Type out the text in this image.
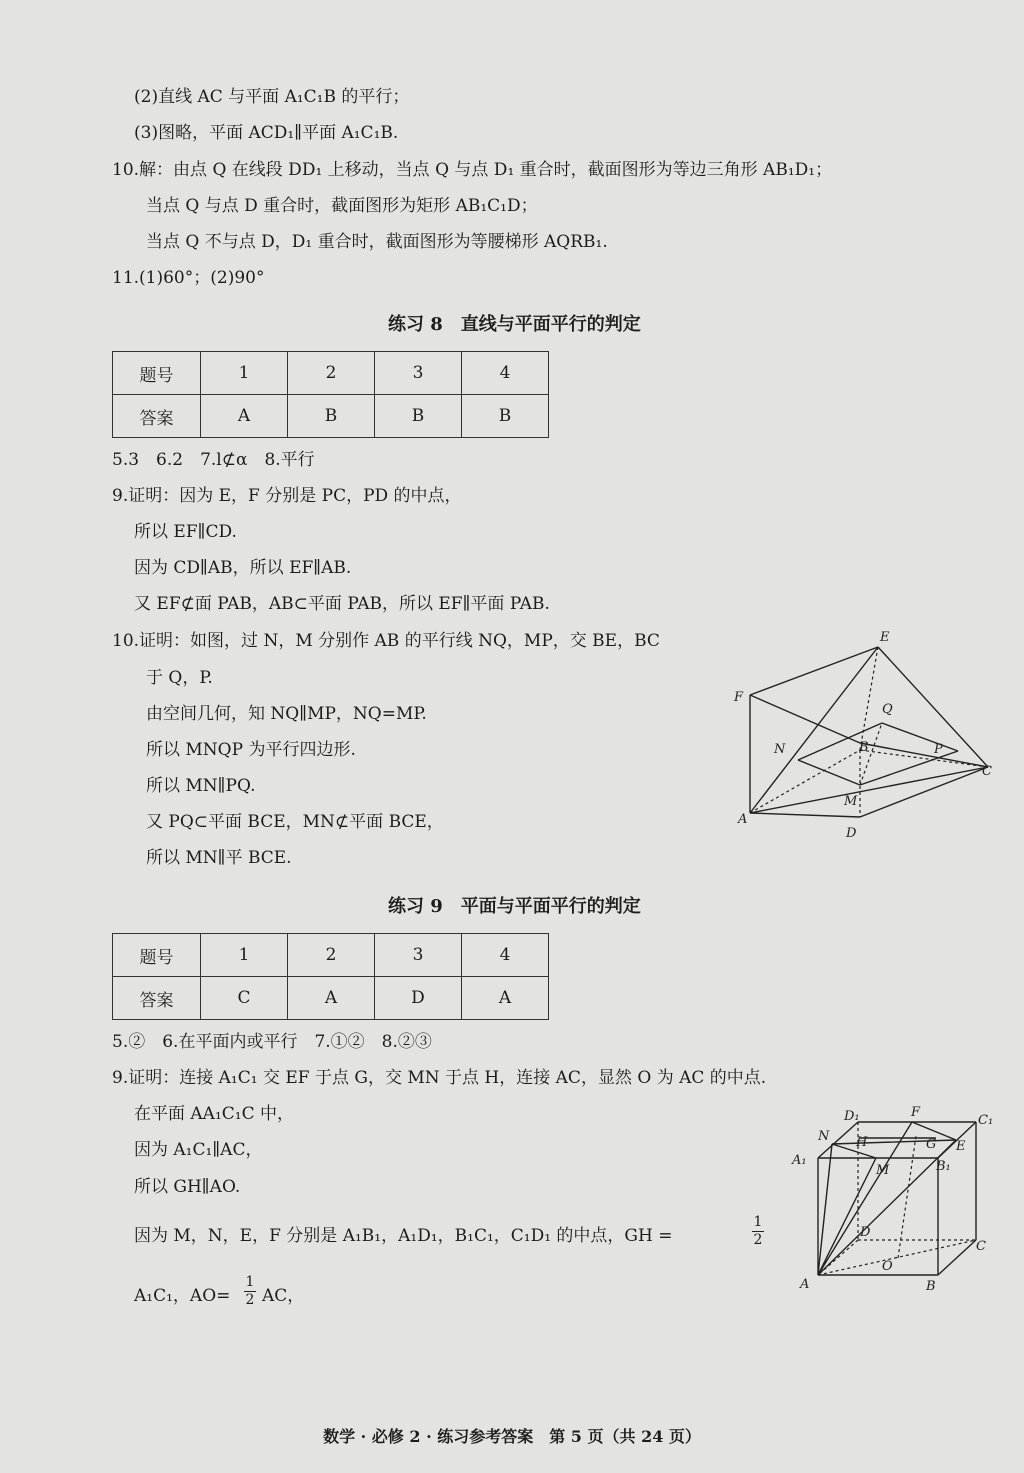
(2)直线 AC 与平面 A₁C₁B 的平行；
(3)图略，平面 ACD₁∥平面 A₁C₁B.
10.解：由点 Q 在线段 DD₁ 上移动，当点 Q 与点 D₁ 重合时，截面图形为等边三角形 AB₁D₁；
当点 Q 与点 D 重合时，截面图形为矩形 AB₁C₁D；
当点 Q 不与点 D，D₁ 重合时，截面图形为等腰梯形 AQRB₁.
11.(1)60°；(2)90°
练习 8　直线与平面平行的判定
题号	1	2	3	4
答案	A	B	B	B
5.3　6.2　7.l⊄α　8.平行
9.证明：因为 E，F 分别是 PC，PD 的中点，
所以 EF∥CD.
因为 CD∥AB，所以 EF∥AB.
又 EF⊄面 PAB，AB⊂平面 PAB，所以 EF∥平面 PAB.
10.证明：如图，过 N，M 分别作 AB 的平行线 NQ，MP，交 BE，BC
于 Q，P.
由空间几何，知 NQ∥MP，NQ=MP.
所以 MNQP 为平行四边形.
所以 MN∥PQ.
又 PQ⊂平面 BCE，MN⊄平面 BCE，
所以 MN∥平 BCE.
E
F
Q
N	B	P
C
M
A
D
练习 9　平面与平面平行的判定
题号	1	2	3	4
答案	C	A	D	A
5.②　6.在平面内或平行　7.①②　8.②③
9.证明：连接 A₁C₁ 交 EF 于点 G，交 MN 于点 H，连接 AC，显然 O 为 AC 的中点.
在平面 AA₁C₁C 中，
因为 A₁C₁∥AC，
所以 GH∥AO.
因为 M，N，E，F 分别是 A₁B₁，A₁D₁，B₁C₁，C₁D₁ 的中点，GH =
1
2
A₁C₁，AO=
1
2 AC，
D₁	F
C₁
N H	G E
A₁
M	B₁
D
C
O
A	B
数学 · 必修 2 · 练习参考答案　第 5 页（共 24 页）
